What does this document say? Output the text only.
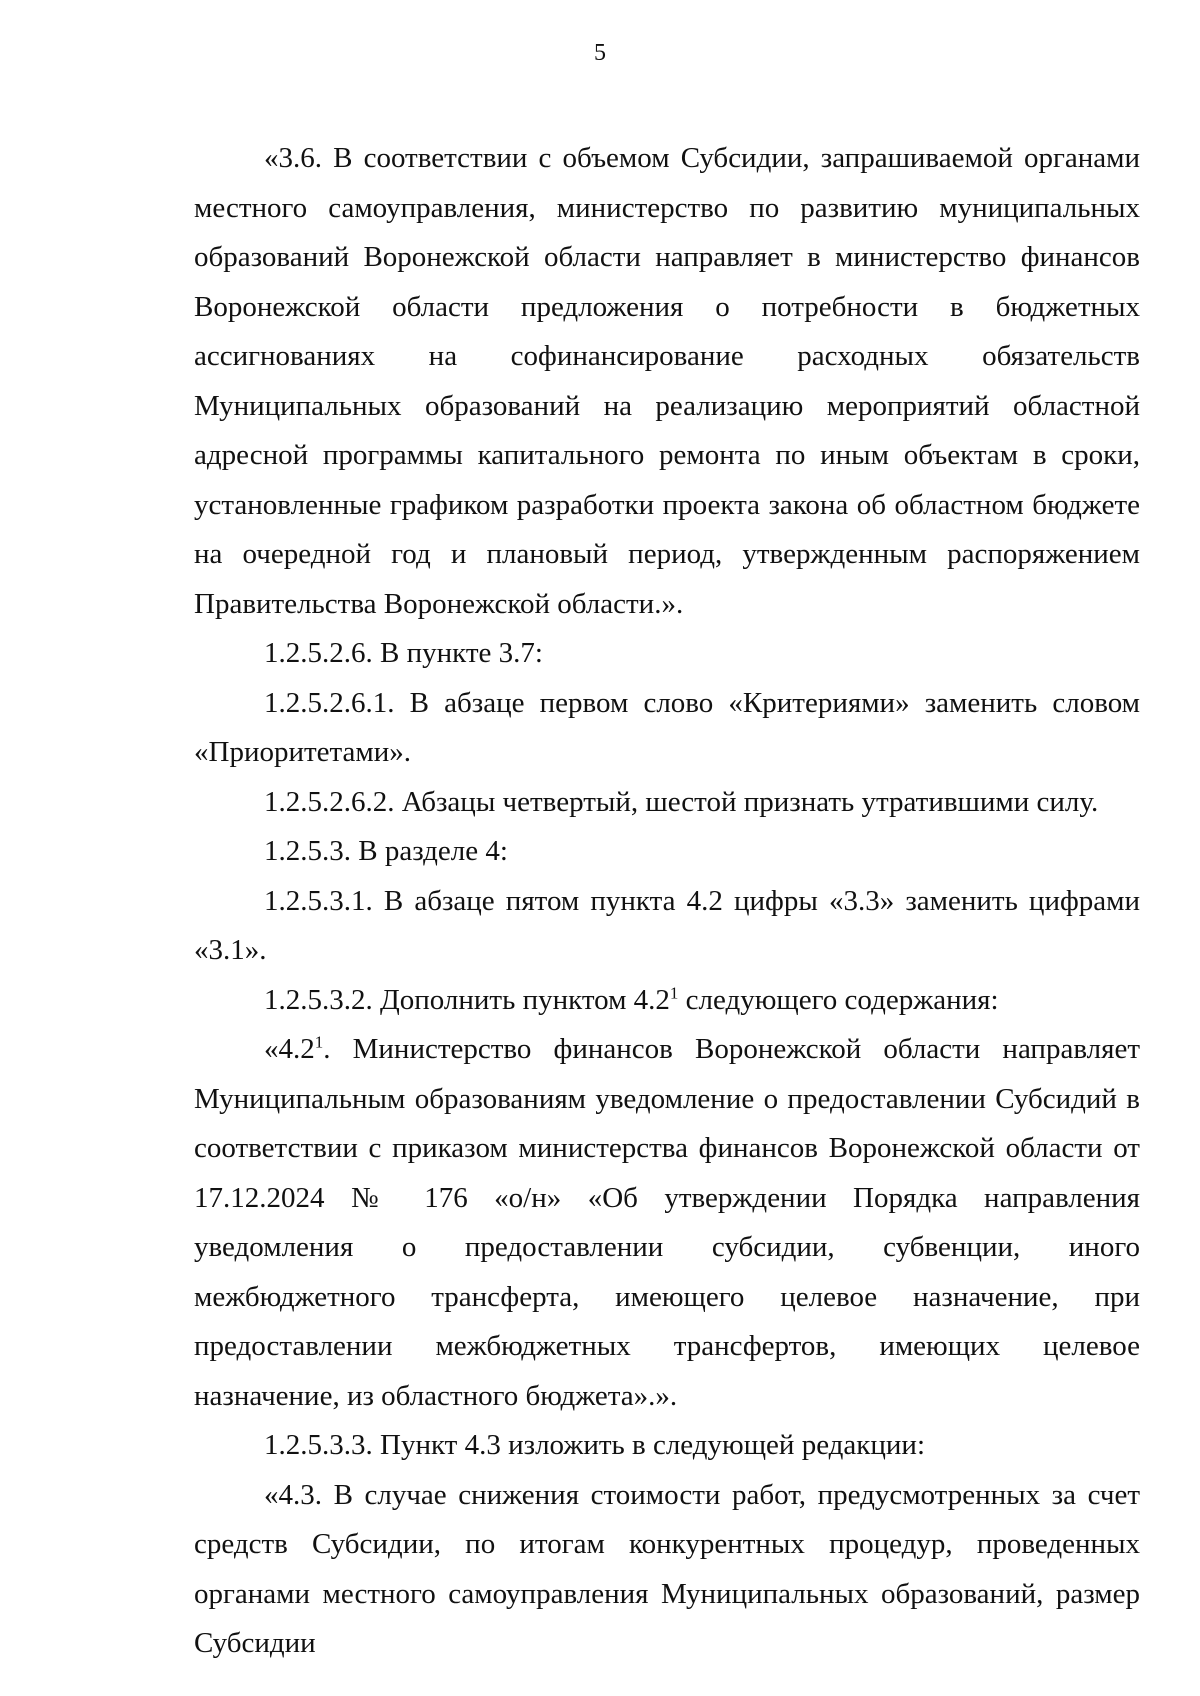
5

«3.6. В соответствии с объемом Субсидии, запрашиваемой органами местного самоуправления, министерство по развитию муниципальных образований Воронежской области направляет в министерство финансов Воронежской области предложения о потребности в бюджетных ассигнованиях на софинансирование расходных обязательств Муниципальных образований на реализацию мероприятий областной адресной программы капитального ремонта по иным объектам в сроки, установленные графиком разработки проекта закона об областном бюджете на очередной год и плановый период, утвержденным распоряжением Правительства Воронежской области.».

1.2.5.2.6. В пункте 3.7:

1.2.5.2.6.1. В абзаце первом слово «Критериями» заменить словом «Приоритетами».

1.2.5.2.6.2. Абзацы четвертый, шестой признать утратившими силу.

1.2.5.3. В разделе 4:

1.2.5.3.1. В абзаце пятом пункта 4.2 цифры «3.3» заменить цифрами «3.1».

1.2.5.3.2. Дополнить пунктом $4.2^1$ следующего содержания:

«$4.2^1$. Министерство финансов Воронежской области направляет Муниципальным образованиям уведомление о предоставлении Субсидий в соответствии с приказом министерства финансов Воронежской области от 17.12.2024 № 176 «о/н» «Об утверждении Порядка направления уведомления о предоставлении субсидии, субвенции, иного межбюджетного трансферта, имеющего целевое назначение, при предоставлении межбюджетных трансфертов, имеющих целевое назначение, из областного бюджета».».

1.2.5.3.3. Пункт 4.3 изложить в следующей редакции:

«4.3. В случае снижения стоимости работ, предусмотренных за счет средств Субсидии, по итогам конкурентных процедур, проведенных органами местного самоуправления Муниципальных образований, размер Субсидии
